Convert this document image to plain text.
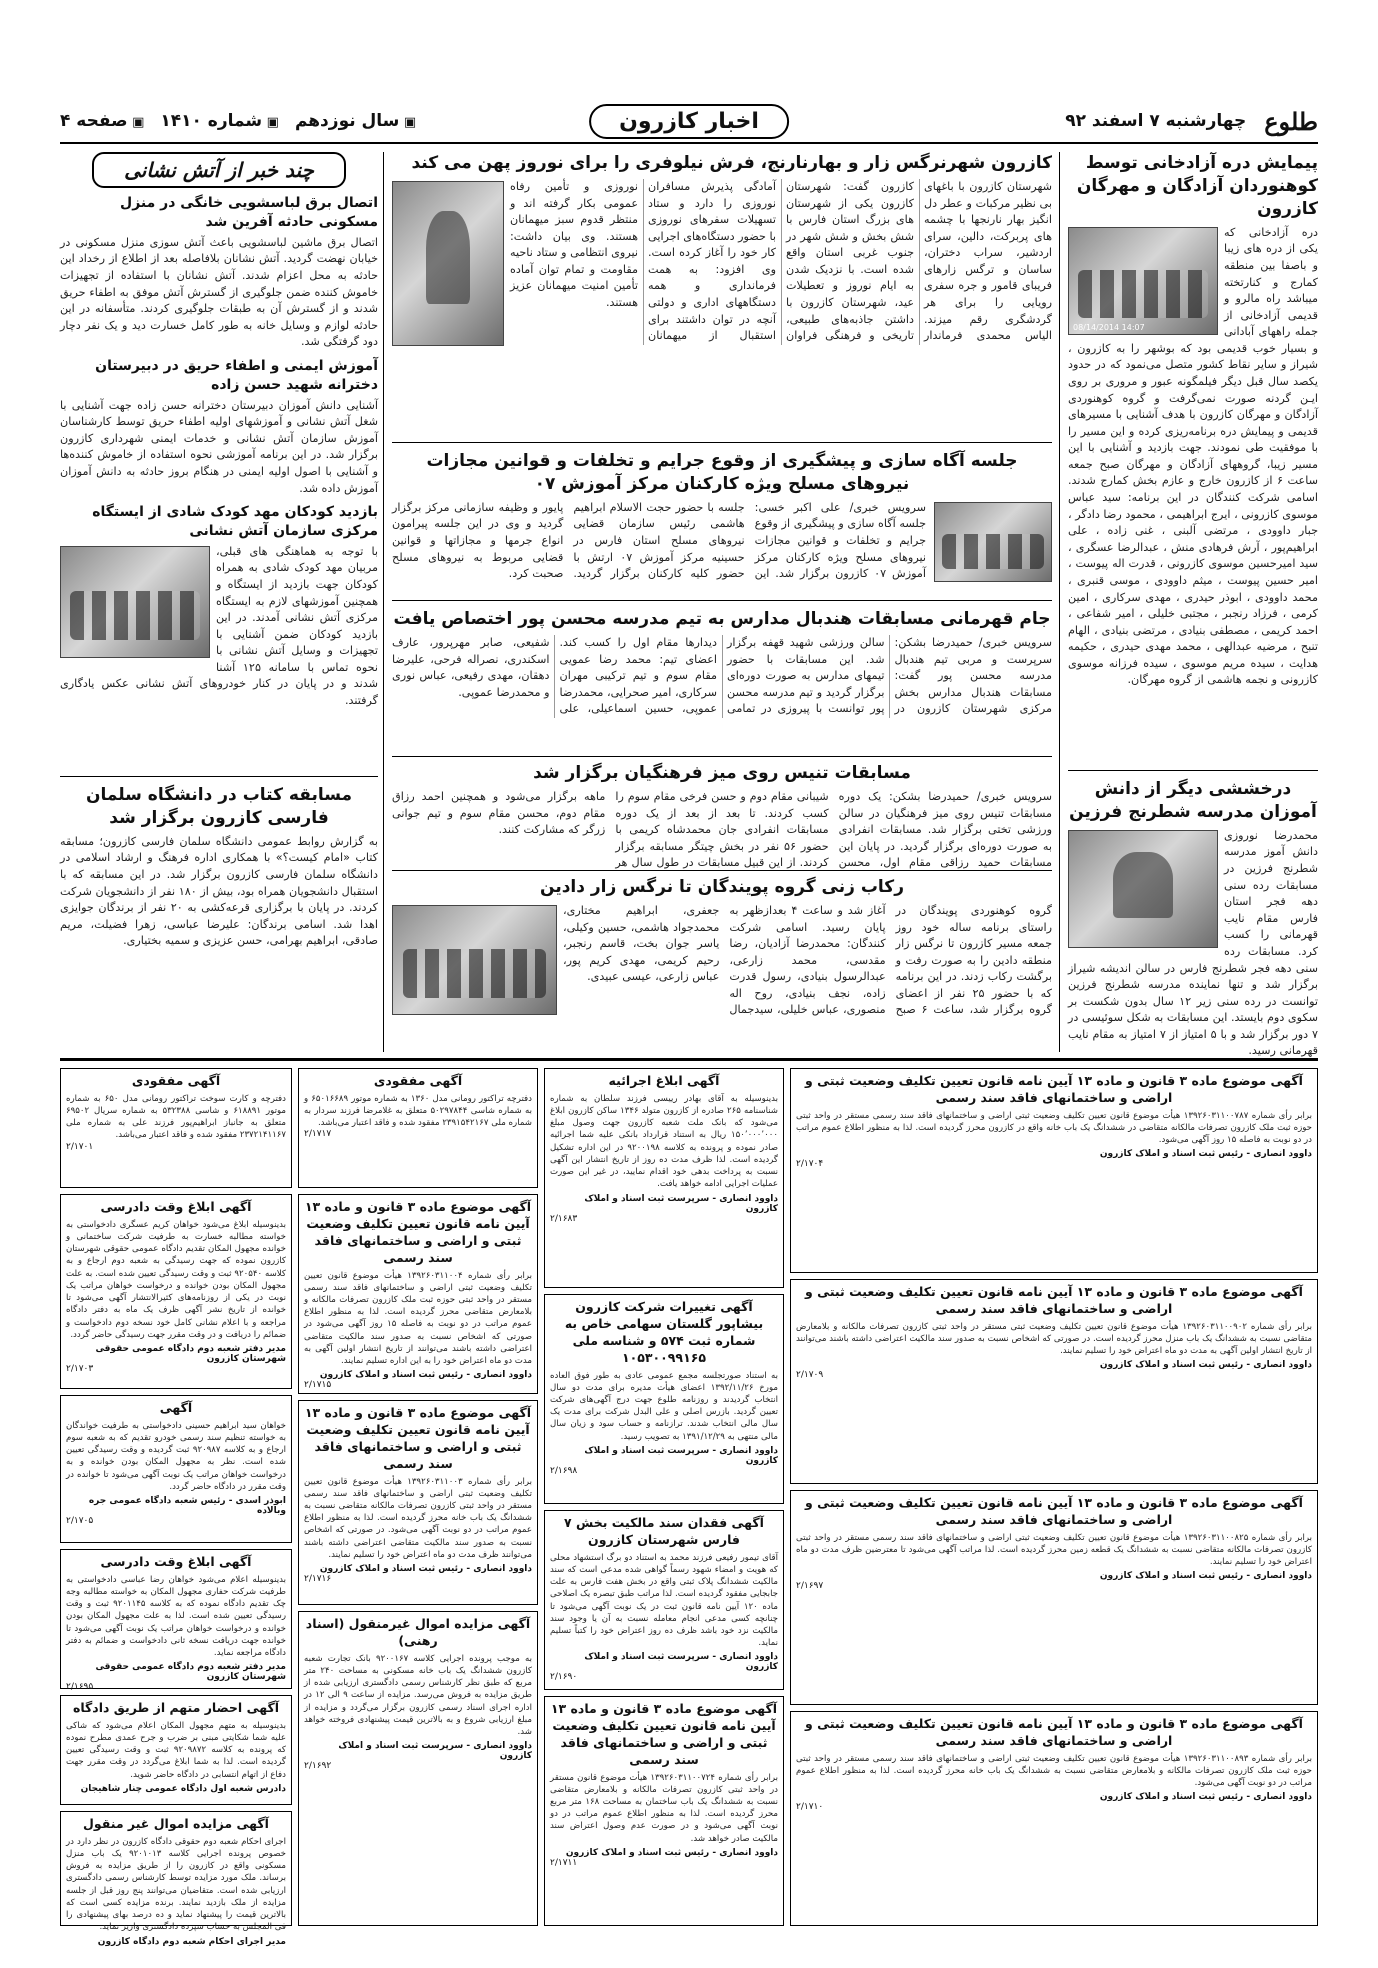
طلوع
چهارشنبه ۷ اسفند ۹۲
اخبار کازرون
▣ سال نوزدهم
▣ شماره ۱۴۱۰
▣ صفحه ۴
پیمایش دره آزادخانی توسط کوهنوردان آزادگان و مهرگان کازرون
08/14/2014 14:07

دره آزادخانی که یکی از دره های زیبا و باصفا بین منطقه کمارج و کنارتخته میباشد راه مالرو و قدیمی آزادخانی از جمله راههای آبادانی و بسیار خوب قدیمی بود که بوشهر را به کازرون ، شیراز و سایر نقاط کشور متصل می‌نمود که در حدود یکصد سال قبل دیگر فیلمگونه عبور و مروری بر روی ایـن گردنه صورت نمی‌گرفت و گروه کوهنوردی آزادگان و مهرگان کازرون با هدف آشنایی با مسیرهای قدیمی و پیمایش دره برنامه‌ریزی کرده و این مسیر را با موفقیت طی نمودند. جهت بازدید و آشنایی با این مسیر زیبا، گروههای آزادگان و مهرگان صبح جمعه ساعت ۶ از کازرون خارج و عازم بخش کمارج شدند. اسامی شرکت کنندگان در این برنامه: سید عباس موسوی کازرونی ، ایرج ابراهیمی ، محمود رضا دادگر ، جبار داوودی ، مرتضی آلبنی ، غنی زاده ، علی ابراهیم‌پور ، آرش فرهادی منش ، عبدالرضا عسگری ، سید امیرحسین موسوی کازرونی ، قدرت اله پیوست ، امیر حسین پیوست ، میثم داوودی ، موسی قنبری ، محمد داوودی ، ابوذر حیدری ، مهدی سرکاری ، امین کرمی ، فرزاد رنجبر ، مجتبی خلیلی ، امیر شفاعی ، احمد کریمی ، مصطفی بنیادی ، مرتضی بنیادی ، الهام تنبح ، مرضیه عبدالهی ، محمد مهدی حیدری ، حکیمه هدایت ، سیده مریم موسوی ، سیده فرزانه موسوی کازرونی و نجمه هاشمی از گروه مهرگان.

درخششی دیگر از دانش آموزان مدرسه شطرنج فرزین

محمدرضا نوروزی دانش آموز مدرسه شطرنج فرزین در مسابقات رده سنی دهه فجر استان فارس مقام نایب قهرمانی را کسب کرد. مسابقات رده سنی دهه فجر شطرنج فارس در سالن اندیشه شیراز برگزار شد و تنها نماینده مدرسه شطرنج فرزین توانست در رده سنی زیر ۱۲ سال بدون شکست بر سکوی دوم بایستد. این مسابقات به شکل سوئیسی در ۷ دور برگزار شد و با ۵ امتیاز از ۷ امتیاز به مقام نایب قهرمانی رسید.

کازرون شهرنرگس زار و بهارنارنج، فرش نیلوفری را برای نوروز پهن می کند

شهرستان کازرون با باغهای بی نظیر مرکبات و عطر دل انگیز بهار نارنجها با چشمه های پربرکت، دالین، سرای اردشیر، سراب دختران، ساسان و ترگس زارهای فریبای قامور و جره سفری رویایی را برای هر گردشگری رقم میزند. الیاس محمدی فرماندار کازرون گفت: شهرستان کازرون یکی از شهرستان های بزرگ استان فارس با شش بخش و شش شهر در جنوب غربی استان واقع شده است. با نزدیک شدن به ایام نوروز و تعطیلات عید، شهرستان کازرون با داشتن جاذبه‌های طبیعی، تاریخی و فرهنگی فراوان آمادگی پذیرش مسافران نوروزی را دارد و ستاد تسهیلات سفرهای نوروزی با حضور دستگاه‌های اجرایی کار خود را آغاز کرده است. وی افزود: به همت فرمانداری و همه دستگاههای اداری و دولتی آنچه در توان داشتند برای استقبال از میهمانان نوروزی و تأمین رفاه عمومی بکار گرفته اند و منتظر قدوم سبز میهمانان هستند. وی بیان داشت: نیروی انتظامی و ستاد ناحیه مقاومت و تمام توان آماده تأمین امنیت میهمانان عزیز هستند.

جلسه آگاه سازی و پیشگیری از وقوع جرایم و تخلفات و قوانین مجازات نیروهای مسلح ویژه کارکنان مرکز آموزش ۰۷

سرویس خبری/ علی اکبر خسی: جلسه آگاه سازی و پیشگیری از وقوع جرایم و تخلفات و قوانین مجازات نیروهای مسلح ویژه کارکنان مرکز آموزش ۰۷ کازرون برگزار شد. این جلسه با حضور حجت الاسلام ابراهیم هاشمی رئیس سازمان قضایی نیروهای مسلح استان فارس در حسینیه مرکز آموزش ۰۷ ارتش با حضور کلیه کارکنان برگزار گردید. پایور و وظیفه سازمانی مرکز برگزار گردید و وی در این جلسه پیرامون انواع جرمها و مجازاتها و قوانین قضایی مربوط به نیروهای مسلح صحبت کرد.

جام قهرمانی مسابقات هندبال مدارس به تیم مدرسه محسن پور اختصاص یافت

سرویس خبری/ حمیدرضا بشکن: سرپرست و مربی تیم هندبال مدرسه محسن پور گفت: مسابقات هندبال مدارس بخش مرکزی شهرستان کازرون در سالن ورزشی شهید قهفه برگزار شد. این مسابقات با حضور تیمهای مدارس به صورت دوره‌ای برگزار گردید و تیم مدرسه محسن پور توانست با پیروزی در تمامی دیدارها مقام اول را کسب کند. اعضای تیم: محمد رضا عمویی مقام سوم و تیم ترکیبی مهران سرکاری، امیر صحرایی، محمدرضا عموپی، حسین اسماعیلی، علی شفیعی، صابر مهرپرور، عارف اسکندری، نصراله فرحی، علیرضا دهقان، مهدی رفیعی، عباس نوری و محمدرضا عموپی.

مسابقات تنیس روی میز فرهنگیان برگزار شد

سرویس خبری/ حمیدرضا بشکن: یک دوره مسابقات تنیس روی میز فرهنگیان در سالن ورزشی تختی برگزار شد. مسابقات انفرادی به صورت دوره‌ای برگزار گردید. در پایان این مسابقات حمید رزاقی مقام اول، محسن شیبانی مقام دوم و حسن فرخی مقام سوم را کسب کردند. تا بعد از بعد از یک دوره مسابقات انفرادی جان محمدشاه کریمی با حضور ۵۶ نفر در بخش چیتگر مسابقه برگزار کردند. از این قبیل مسابقات در طول سال هر ماهه برگزار می‌شود و همچنین احمد رزاق مقام دوم، محسن مقام سوم و تیم جوانی زرگر که مشارکت کنند.

رکاب زنی گروه پویندگان تا نرگس زار دادین

گروه کوهنوردی پویندگان در راستای برنامه ساله خود روز جمعه مسیر کازرون تا نرگس زار منطقه دادین را به صورت رفت و برگشت رکاب زدند. در این برنامه که با حضور ۲۵ نفر از اعضای گروه برگزار شد، ساعت ۶ صبح آغاز شد و ساعت ۴ بعدازظهر به پایان رسید. اسامی شرکت کنندگان: محمدرضا آزادیان، رضا مقدسی، محمد زارعی، عبدالرسول بنیادی، رسول قدرت زاده، نجف بنیادی، روح اله منصوری، عباس خلیلی، سیدجمال جعفری، ابراهیم مختاری، محمدجواد هاشمی، حسین وکیلی، یاسر جوان بخت، قاسم رنجبر، رحیم کریمی، مهدی کریم پور، عباس زارعی، عیسی عبیدی.

چند خبر از آتش نشانی
اتصال برق لباسشویی خانگی در منزل مسکونی حادثه آفرین شد

اتصال برق ماشین لباسشویی باعث آتش سوزی منزل مسکونی در خیابان نهضت گردید. آتش نشانان بلافاصله بعد از اطلاع از رخداد این حادثه به محل اعزام شدند. آتش نشانان با استفاده از تجهیزات خاموش کننده ضمن جلوگیری از گسترش آتش موفق به اطفاء حریق شدند و از گسترش آن به طبقات جلوگیری کردند. متأسفانه در این حادثه لوازم و وسایل خانه به طور کامل خسارت دید و یک نفر دچار دود گرفتگی شد.

آموزش ایمنی و اطفاء حریق در دبیرستان دخترانه شهید حسن زاده

آشنایی دانش آموزان دبیرستان دخترانه حسن زاده جهت آشنایی با شغل آتش نشانی و آموزشهای اولیه اطفاء حریق توسط کارشناسان آموزش سازمان آتش نشانی و خدمات ایمنی شهرداری کازرون برگزار شد. در این برنامه آموزشی نحوه استفاده از خاموش کننده‌ها و آشنایی با اصول اولیه ایمنی در هنگام بروز حادثه به دانش آموزان آموزش داده شد.

بازدید کودکان مهد کودک شادی از ایستگاه مرکزی سازمان آتش نشانی

با توجه به هماهنگی های قبلی، مربیان مهد کودک شادی به همراه کودکان جهت بازدید از ایستگاه و همچنین آموزشهای لازم به ایستگاه مرکزی آتش نشانی آمدند. در این بازدید کودکان ضمن آشنایی با تجهیزات و وسایل آتش نشانی با نحوه تماس با سامانه ۱۲۵ آشنا شدند و در پایان در کنار خودروهای آتش نشانی عکس یادگاری گرفتند.

مسابقه کتاب در دانشگاه سلمان فارسی کازرون برگزار شد

به گزارش روابط عمومی دانشگاه سلمان فارسی کازرون؛ مسابقه کتاب «امام کیست؟» با همکاری اداره فرهنگ و ارشاد اسلامی در دانشگاه سلمان فارسی کازرون برگزار شد. در این مسابقه که با استقبال دانشجویان همراه بود، بیش از ۱۸۰ نفر از دانشجویان شرکت کردند. در پایان با برگزاری قرعه‌کشی به ۲۰ نفر از برندگان جوایزی اهدا شد. اسامی برندگان: علیرضا عباسی، زهرا فضیلت، مریم صادقی، ابراهیم بهرامی، حسن عزیزی و سمیه بختیاری.

آگهی مفقودی
دفترچه و کارت سوخت تراکتور رومانی مدل ۶۵۰ به شماره موتور ۶۱۸۸۹۱ و شاسی ۵۳۲۳۸۸ به شماره سریال ۶۹۵۰۲ متعلق به جانباز ابراهیم‌پور فرزند علی به شماره ملی ۲۳۷۲۱۴۱۱۶۷ مفقود شده و فاقد اعتبار می‌باشد.
۲/۱۷۰۱
آگهی ابلاغ وقت دادرسی
بدینوسیله ابلاغ می‌شود خواهان کریم عسگری دادخواستی به خواسته مطالبه خسارت به طرفیت شرکت ساختمانی و خوانده مجهول المکان تقدیم دادگاه عمومی حقوقی شهرستان کازرون نموده که جهت رسیدگی به شعبه دوم ارجاع و به کلاسه ۹۲۰۵۴۰ ثبت و وقت رسیدگی تعیین شده است. به علت مجهول المکان بودن خوانده و درخواست خواهان مراتب یک نوبت در یکی از روزنامه‌های کثیرالانتشار آگهی می‌شود تا خوانده از تاریخ نشر آگهی ظرف یک ماه به دفتر دادگاه مراجعه و با اعلام نشانی کامل خود نسخه دوم دادخواست و ضمائم را دریافت و در وقت مقرر جهت رسیدگی حاضر گردد.
مدیر دفتر شعبه دوم دادگاه عمومی حقوقی شهرستان کازرون
۲/۱۷۰۳
آگهی
خواهان سید ابراهیم حسینی دادخواستی به طرفیت خواندگان به خواسته تنظیم سند رسمی خودرو تقدیم که به شعبه سوم ارجاع و به کلاسه ۹۲۰۹۸۷ ثبت گردیده و وقت رسیدگی تعیین شده است. نظر به مجهول المکان بودن خوانده و به درخواست خواهان مراتب یک نوبت آگهی می‌شود تا خوانده در وقت مقرر در دادگاه حاضر گردد.
ابوذر اسدی - رئیس شعبه دادگاه عمومی جره وبالاده
۲/۱۷۰۵
آگهی ابلاغ وقت دادرسی
بدینوسیله اعلام می‌شود خواهان رضا عباسی دادخواستی به طرفیت شرکت حفاری مجهول المکان به خواسته مطالبه وجه چک تقدیم دادگاه نموده که به کلاسه ۹۲۰۱۱۴۵ ثبت و وقت رسیدگی تعیین شده است. لذا به علت مجهول المکان بودن خوانده و درخواست خواهان مراتب یک نوبت آگهی می‌شود تا خوانده جهت دریافت نسخه ثانی دادخواست و ضمائم به دفتر دادگاه مراجعه نماید.
مدیر دفتر شعبه دوم دادگاه عمومی حقوقی شهرستان کازرون
۲/۱۶۹۵
آگهی احضار متهم از طریق دادگاه
بدینوسیله به متهم مجهول المکان اعلام می‌شود که شاکی علیه شما شکایتی مبنی بر ضرب و جرح عمدی مطرح نموده که پرونده به کلاسه ۹۲۰۹۸۷۲ ثبت و وقت رسیدگی تعیین گردیده است. لذا به شما ابلاغ می‌گردد در وقت مقرر جهت دفاع از اتهام انتسابی در دادگاه حاضر شوید.
دادرس شعبه اول دادگاه عمومی چنار شاهیجان
آگهی مزایده اموال غیر منقول
اجرای احکام شعبه دوم حقوقی دادگاه کازرون در نظر دارد در خصوص پرونده اجرایی کلاسه ۹۲۰۱۰۱۳ یک باب منزل مسکونی واقع در کازرون را از طریق مزایده به فروش برساند. ملک مورد مزایده توسط کارشناس رسمی دادگستری ارزیابی شده است. متقاضیان می‌توانند پنج روز قبل از جلسه مزایده از ملک بازدید نمایند. برنده مزایده کسی است که بالاترین قیمت را پیشنهاد نماید و ده درصد بهای پیشنهادی را فی المجلس به حساب سپرده دادگستری واریز نماید.
مدیر اجرای احکام شعبه دوم دادگاه کازرون
آگهی مفقودی
دفترچه تراکتور رومانی مدل ۱۳۶۰ به شماره موتور ۶۵۰۱۶۶۸۹ و به شماره شاسی ۵۰۲۹۷۸۴۴ متعلق به غلامرضا فرزند سردار به شماره ملی ۲۳۹۱۵۴۲۱۶۷ مفقود شده و فاقد اعتبار می‌باشد.
۲/۱۷۱۷
آگهی موضوع ماده ۳ قانون و ماده ۱۳ آیین نامه قانون تعیین تکلیف وضعیت ثبتی و اراضی و ساختمانهای فاقد سند رسمی
برابر رأی شماره ۱۳۹۲۶۰۳۱۱۰۰۴ هیأت موضوع قانون تعیین تکلیف وضعیت ثبتی اراضی و ساختمانهای فاقد سند رسمی مستقر در واحد ثبتی حوزه ثبت ملک کازرون تصرفات مالکانه و بلامعارض متقاضی محرز گردیده است. لذا به منظور اطلاع عموم مراتب در دو نوبت به فاصله ۱۵ روز آگهی می‌شود در صورتی که اشخاص نسبت به صدور سند مالکیت متقاضی اعتراضی داشته باشند می‌توانند از تاریخ انتشار اولین آگهی به مدت دو ماه اعتراض خود را به این اداره تسلیم نمایند.
داوود انصاری - رئیس ثبت اسناد و املاک کازرون
۲/۱۷۱۵
آگهی موضوع ماده ۳ قانون و ماده ۱۳ آیین نامه قانون تعیین تکلیف وضعیت ثبتی و اراضی و ساختمانهای فاقد سند رسمی
برابر رأی شماره ۱۳۹۲۶۰۳۱۱۰۰۳ هیأت موضوع قانون تعیین تکلیف وضعیت ثبتی اراضی و ساختمانهای فاقد سند رسمی مستقر در واحد ثبتی کازرون تصرفات مالکانه متقاضی نسبت به ششدانگ یک باب خانه محرز گردیده است. لذا به منظور اطلاع عموم مراتب در دو نوبت آگهی می‌شود. در صورتی که اشخاص نسبت به صدور سند مالکیت متقاضی اعتراضی داشته باشند می‌توانند ظرف مدت دو ماه اعتراض خود را تسلیم نمایند.
داوود انصاری - رئیس ثبت اسناد و املاک کازرون
۲/۱۷۱۶
آگهی مزایده اموال غیرمنقول (اسناد رهنی)
به موجب پرونده اجرایی کلاسه ۹۲۰۰۱۶۷ بانک تجارت شعبه کازرون ششدانگ یک باب خانه مسکونی به مساحت ۲۴۰ متر مربع که طبق نظر کارشناس رسمی دادگستری ارزیابی شده از طریق مزایده به فروش می‌رسد. مزایده از ساعت ۹ الی ۱۲ در اداره اجرای اسناد رسمی کازرون برگزار می‌گردد و مزایده از مبلغ ارزیابی شروع و به بالاترین قیمت پیشنهادی فروخته خواهد شد.
داوود انصاری - سرپرست ثبت اسناد و املاک کازرون
۲/۱۶۹۲
آگهی ابلاغ اجرائیه
بدینوسیله به آقای بهادر رییسی فرزند سلطان به شماره شناسنامه ۲۶۵ صادره از کازرون متولد ۱۳۴۶ ساکن کازرون ابلاغ می‌شود که بانک ملت شعبه کازرون جهت وصول مبلغ ۱۵۰٬۰۰۰٬۰۰۰ ریال به استناد قرارداد بانکی علیه شما اجرائیه صادر نموده و پرونده به کلاسه ۹۲۰۰۱۹۸ در این اداره تشکیل گردیده است. لذا ظرف مدت ده روز از تاریخ انتشار این آگهی نسبت به پرداخت بدهی خود اقدام نمایید، در غیر این صورت عملیات اجرایی ادامه خواهد یافت.
داوود انصاری - سرپرست ثبت اسناد و املاک کازرون
۲/۱۶۸۳
آگهی تغییرات شرکت کازرون بیشاپور گلستان سهامی خاص به شماره ثبت ۵۷۴ و شناسه ملی ۱۰۵۳۰۰۹۹۱۶۵
به استناد صورتجلسه مجمع عمومی عادی به طور فوق العاده مورخ ۱۳۹۲/۱۱/۲۶ اعضای هیأت مدیره برای مدت دو سال انتخاب گردیدند و روزنامه طلوع جهت درج آگهی‌های شرکت تعیین گردید. بازرس اصلی و علی البدل شرکت برای مدت یک سال مالی انتخاب شدند. ترازنامه و حساب سود و زیان سال مالی منتهی به ۱۳۹۱/۱۲/۲۹ به تصویب رسید.
داوود انصاری - سرپرست ثبت اسناد و املاک کازرون
۲/۱۶۹۸
آگهی فقدان سند مالکیت بخش ۷ فارس شهرستان کازرون
آقای تیمور رفیعی فرزند محمد به استناد دو برگ استشهاد محلی که هویت و امضاء شهود رسماً گواهی شده مدعی است که سند مالکیت ششدانگ پلاک ثبتی واقع در بخش هفت فارس به علت جابجایی مفقود گردیده است. لذا مراتب طبق تبصره یک اصلاحی ماده ۱۲۰ آیین نامه قانون ثبت در یک نوبت آگهی می‌شود تا چنانچه کسی مدعی انجام معامله نسبت به آن یا وجود سند مالکیت نزد خود باشد ظرف ده روز اعتراض خود را کتباً تسلیم نماید.
داوود انصاری - سرپرست ثبت اسناد و املاک کازرون
۲/۱۶۹۰
آگهی موضوع ماده ۳ قانون و ماده ۱۳ آیین نامه قانون تعیین تکلیف وضعیت ثبتی و اراضی و ساختمانهای فاقد سند رسمی
برابر رأی شماره ۱۳۹۲۶۰۳۱۱۰۰۷۲۴ هیأت موضوع قانون مستقر در واحد ثبتی کازرون تصرفات مالکانه و بلامعارض متقاضی نسبت به ششدانگ یک باب ساختمان به مساحت ۱۶۸ متر مربع محرز گردیده است. لذا به منظور اطلاع عموم مراتب در دو نوبت آگهی می‌شود و در صورت عدم وصول اعتراض سند مالکیت صادر خواهد شد.
داوود انصاری - رئیس ثبت اسناد و املاک کازرون
۲/۱۷۱۱
آگهی موضوع ماده ۳ قانون و ماده ۱۳ آیین نامه قانون تعیین تکلیف وضعیت ثبتی و اراضی و ساختمانهای فاقد سند رسمی
برابر رأی شماره ۱۳۹۲۶۰۳۱۱۰۰۷۸۷ هیأت موضوع قانون تعیین تکلیف وضعیت ثبتی اراضی و ساختمانهای فاقد سند رسمی مستقر در واحد ثبتی حوزه ثبت ملک کازرون تصرفات مالکانه متقاضی در ششدانگ یک باب خانه واقع در کازرون محرز گردیده است. لذا به منظور اطلاع عموم مراتب در دو نوبت به فاصله ۱۵ روز آگهی می‌شود.
داوود انصاری - رئیس ثبت اسناد و املاک کازرون
۲/۱۷۰۴
آگهی موضوع ماده ۳ قانون و ماده ۱۳ آیین نامه قانون تعیین تکلیف وضعیت ثبتی و اراضی و ساختمانهای فاقد سند رسمی
برابر رأی شماره ۱۳۹۲۶۰۳۱۱۰۰۹۰۲ هیأت موضوع قانون تعیین تکلیف وضعیت ثبتی مستقر در واحد ثبتی کازرون تصرفات مالکانه و بلامعارض متقاضی نسبت به ششدانگ یک باب منزل محرز گردیده است. در صورتی که اشخاص نسبت به صدور سند مالکیت اعتراضی داشته باشند می‌توانند از تاریخ انتشار اولین آگهی به مدت دو ماه اعتراض خود را تسلیم نمایند.
داوود انصاری - رئیس ثبت اسناد و املاک کازرون
۲/۱۷۰۹
آگهی موضوع ماده ۳ قانون و ماده ۱۳ آیین نامه قانون تعیین تکلیف وضعیت ثبتی و اراضی و ساختمانهای فاقد سند رسمی
برابر رأی شماره ۱۳۹۲۶۰۳۱۱۰۰۸۲۵ هیأت موضوع قانون تعیین تکلیف وضعیت ثبتی اراضی و ساختمانهای فاقد سند رسمی مستقر در واحد ثبتی کازرون تصرفات مالکانه متقاضی نسبت به ششدانگ یک قطعه زمین محرز گردیده است. لذا مراتب آگهی می‌شود تا معترضین ظرف مدت دو ماه اعتراض خود را تسلیم نمایند.
داوود انصاری - رئیس ثبت اسناد و املاک کازرون
۲/۱۶۹۷
آگهی موضوع ماده ۳ قانون و ماده ۱۳ آیین نامه قانون تعیین تکلیف وضعیت ثبتی و اراضی و ساختمانهای فاقد سند رسمی
برابر رأی شماره ۱۳۹۲۶۰۳۱۱۰۰۸۹۳ هیأت موضوع قانون تعیین تکلیف وضعیت ثبتی اراضی و ساختمانهای فاقد سند رسمی مستقر در واحد ثبتی حوزه ثبت ملک کازرون تصرفات مالکانه و بلامعارض متقاضی نسبت به ششدانگ یک باب خانه محرز گردیده است. لذا به منظور اطلاع عموم مراتب در دو نوبت آگهی می‌شود.
داوود انصاری - رئیس ثبت اسناد و املاک کازرون
۲/۱۷۱۰
